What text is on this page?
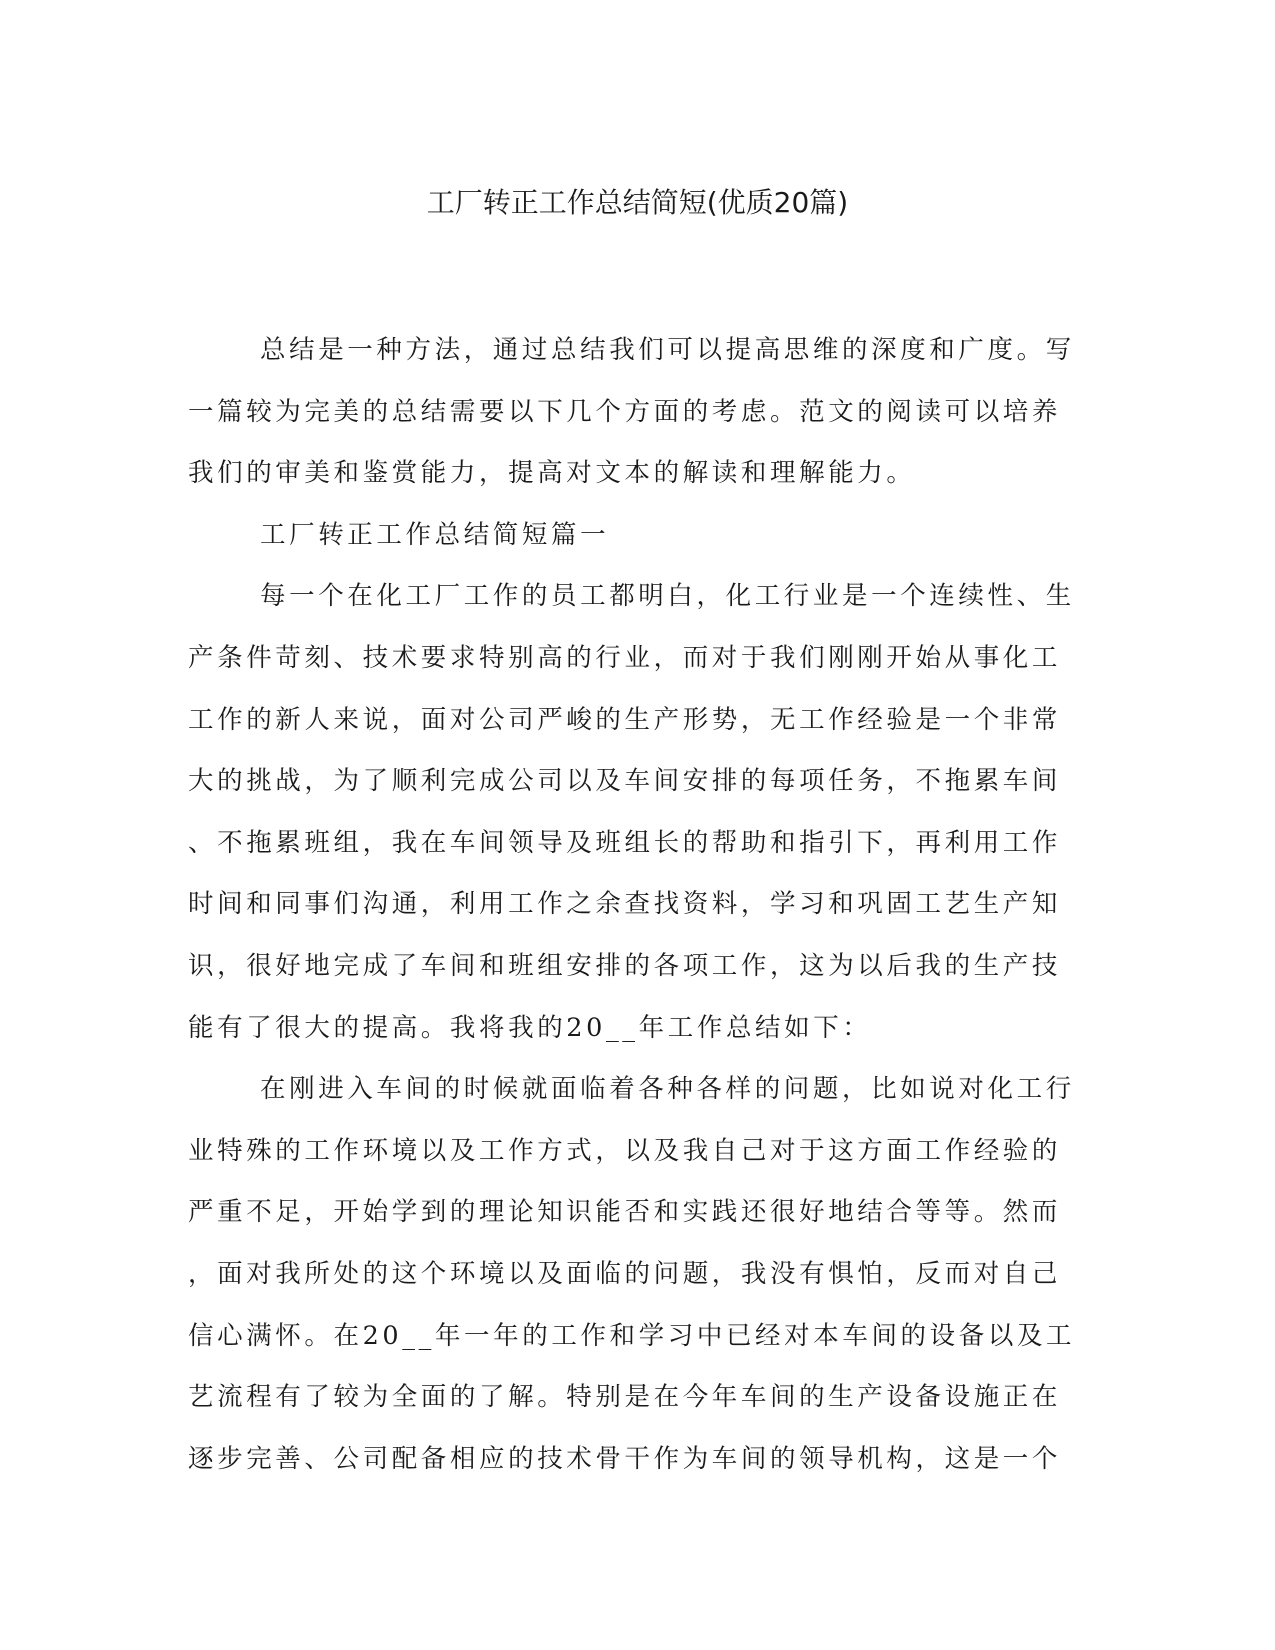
工厂转正工作总结简短(优质20篇)
总结是一种方法，通过总结我们可以提高思维的深度和广度。写
一篇较为完美的总结需要以下几个方面的考虑。范文的阅读可以培养
我们的审美和鉴赏能力，提高对文本的解读和理解能力。
工厂转正工作总结简短篇一
每一个在化工厂工作的员工都明白，化工行业是一个连续性、生
产条件苛刻、技术要求特别高的行业，而对于我们刚刚开始从事化工
工作的新人来说，面对公司严峻的生产形势，无工作经验是一个非常
大的挑战，为了顺利完成公司以及车间安排的每项任务，不拖累车间
、不拖累班组，我在车间领导及班组长的帮助和指引下，再利用工作
时间和同事们沟通，利用工作之余查找资料，学习和巩固工艺生产知
识，很好地完成了车间和班组安排的各项工作，这为以后我的生产技
能有了很大的提高。我将我的20__年工作总结如下：
在刚进入车间的时候就面临着各种各样的问题，比如说对化工行
业特殊的工作环境以及工作方式，以及我自己对于这方面工作经验的
严重不足，开始学到的理论知识能否和实践还很好地结合等等。然而
，面对我所处的这个环境以及面临的问题，我没有惧怕，反而对自己
信心满怀。在20__年一年的工作和学习中已经对本车间的设备以及工
艺流程有了较为全面的了解。特别是在今年车间的生产设备设施正在
逐步完善、公司配备相应的技术骨干作为车间的领导机构，这是一个
